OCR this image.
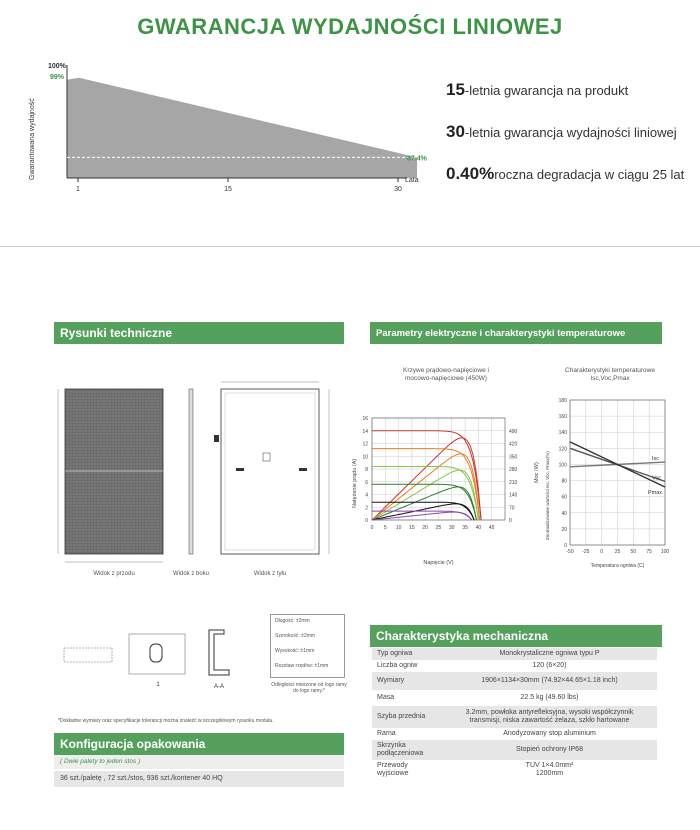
GWARANCJA WYDAJNOŚCI LINIOWEJ
Gwarantowana wydajność
100%
99%
87.4%
1	15	30
Lata
15-letnia gwarancja na produkt
30-letnia gwarancja wydajności liniowej
0.40%roczna degradacja w ciągu 25 lat
Rysunki techniczne
Widok z przodu	Widok z boku	Widok z tyłu
1	A-A
Długość: ±2mm
Szerokość: ±2mm
Wysokość: ±1mm
Rozstaw rzędów: ±1mm
Odległości mierzone od logo ramy do logo ramy.*
*Dokładne wymiary oraz specyfikacje tolerancji można znaleźć w szczegółowym rysunku modułu.
Konfiguracja opakowania
( Dwie palety to jeden stos )
36 szt./paletę , 72 szt./stos, 936 szt./kontener 40 HQ
Parametry elektryczne i charakterystyki temperaturowe
Krzywe prądowo-napięciowe i mocowo-napięciowe (450W)
Charakterystyki temperaturowe Isc,Voc,Pmax
0
2
4
6
8
10
12
14
16
0 5 10 15 20 25 30 35 40 45
0
70
140
210
280
350
420
490
Natężenie prądu (A)	Moc (W)
Napięcie (V)
0
20
40
60
80
100
120
140
160
180
-50 -25 0 25 50 75 100
Isc
Voc
Pmax
Znormalizowane wartości Isc, Voc, Pmax(%)
Temperatura ogniwa (C)
Charakterystyka mechaniczna
Typ ogniwa	Monokrystaliczne ogniwa typu P
Liczba ogniw	120 (6×20)
Wymiary	1906×1134×30mm (74.92×44.65×1.18 inch)
Masa	22.5 kg (49.60 lbs)
Szyba przednia	3.2mm, powłoka antyrefleksyjna, wysoki współczynnik transmisji, niska zawartość żelaza, szkło hartowane
Rama	Anodyzowany stop aluminium
Skrzynka podłączeniowa	Stopień ochrony IP68
Przewody wyjściowe	TUV 1×4.0mm²
1200mm
